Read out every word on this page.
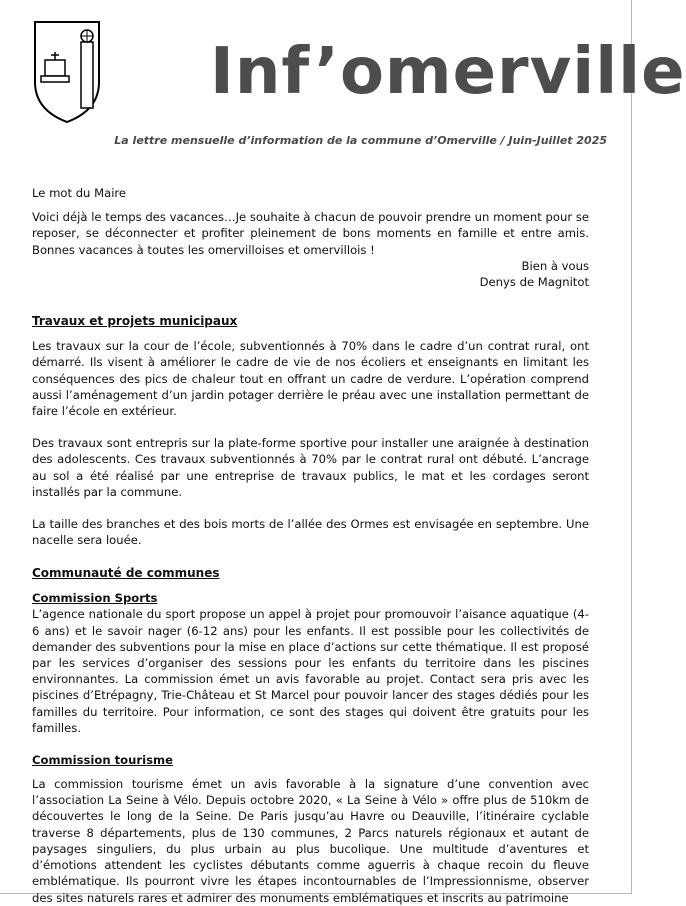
Inf’omerville
La lettre mensuelle d’information de la commune d’Omerville / Juin-Juillet 2025

Le mot du Maire

Voici déjà le temps des vacances…Je souhaite à chacun de pouvoir prendre un moment pour se reposer, se déconnecter et profiter pleinement de bons moments en famille et entre amis. Bonnes vacances à toutes les omervilloises et omervillois !

Bien à vous

Denys de Magnitot

Travaux et projets municipaux

Les travaux sur la cour de l’école, subventionnés à 70% dans le cadre d’un contrat rural, ont démarré. Ils visent à améliorer le cadre de vie de nos écoliers et enseignants en limitant les conséquences des pics de chaleur tout en offrant un cadre de verdure. L’opération comprend aussi l’aménagement d’un jardin potager derrière le préau avec une installation permettant de faire l’école en extérieur.

Des travaux sont entrepris sur la plate-forme sportive pour installer une araignée à destination des adolescents. Ces travaux subventionnés à 70% par le contrat rural ont débuté. L’ancrage au sol a été réalisé par une entreprise de travaux publics, le mat et les cordages seront installés par la commune.

La taille des branches et des bois morts de l’allée des Ormes est envisagée en septembre. Une nacelle sera louée.

Communauté de communes

Commission Sports

L’agence nationale du sport propose un appel à projet pour promouvoir l’aisance aquatique (4-6 ans) et le savoir nager (6-12 ans) pour les enfants. Il est possible pour les collectivités de demander des subventions pour la mise en place d’actions sur cette thématique. Il est proposé par les services d’organiser des sessions pour les enfants du territoire dans les piscines environnantes. La commission émet un avis favorable au projet. Contact sera pris avec les piscines d’Etrépagny, Trie-Château et St Marcel pour pouvoir lancer des stages dédiés pour les familles du territoire. Pour information, ce sont des stages qui doivent être gratuits pour les familles.

Commission tourisme

La commission tourisme émet un avis favorable à la signature d’une convention avec l’association La Seine à Vélo. Depuis octobre 2020, « La Seine à Vélo » offre plus de 510km de découvertes le long de la Seine. De Paris jusqu’au Havre ou Deauville, l’itinéraire cyclable traverse 8 départements, plus de 130 communes, 2 Parcs naturels régionaux et autant de paysages singuliers, du plus urbain au plus bucolique. Une multitude d’aventures et d’émotions attendent les cyclistes débutants comme aguerris à chaque recoin du fleuve emblématique. Ils pourront vivre les étapes incontournables de l’Impressionnisme, observer des sites naturels rares et admirer des monuments emblématiques et inscrits au patrimoine
